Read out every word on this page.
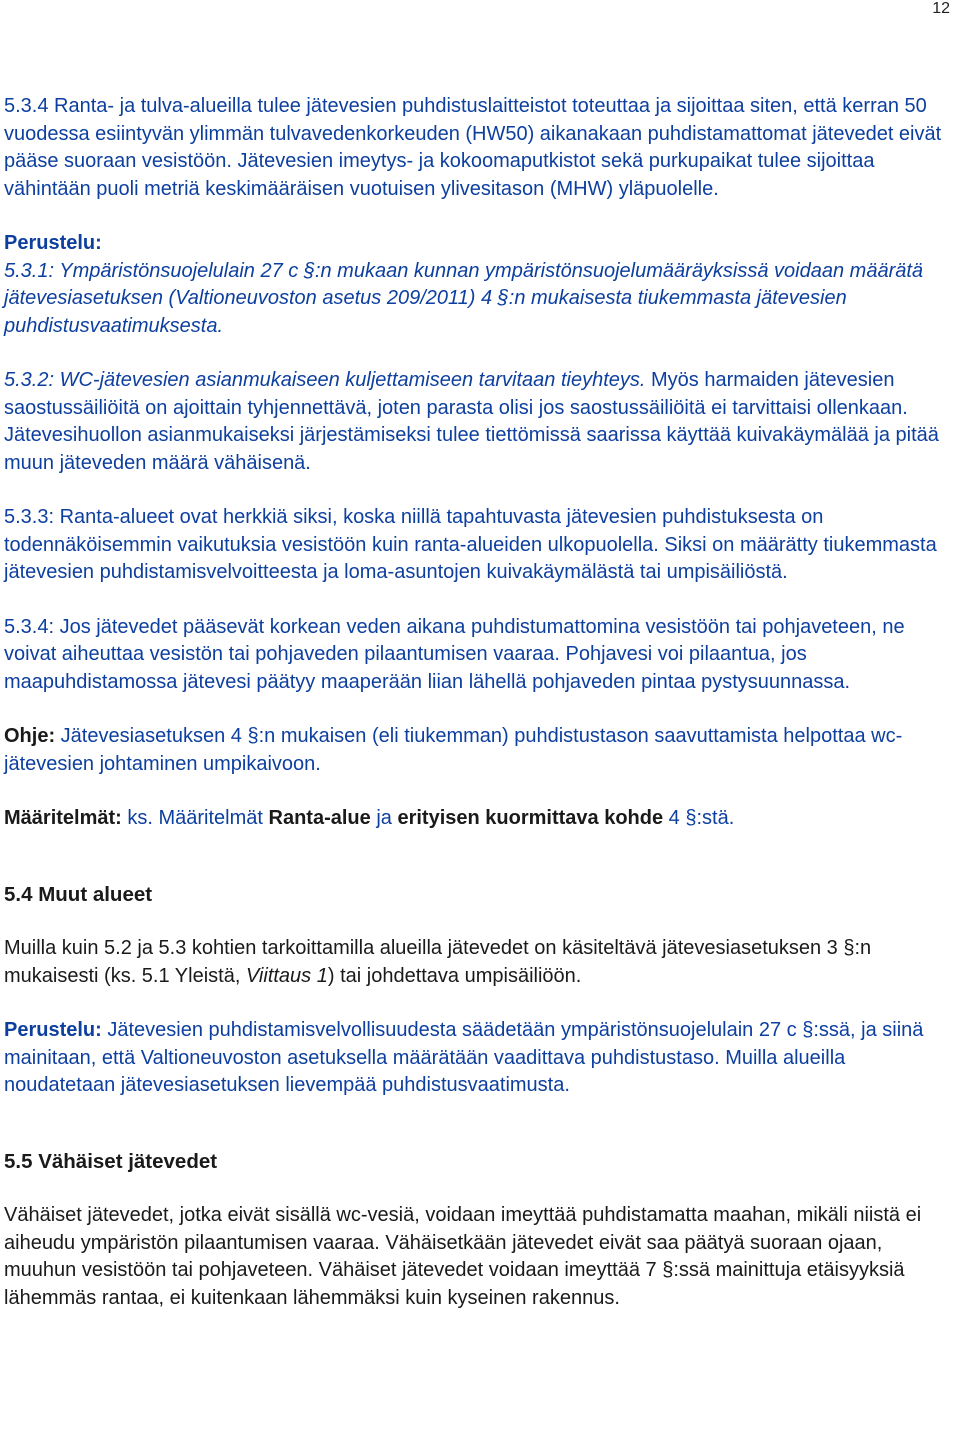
12

5.3.4 Ranta- ja tulva-alueilla tulee jätevesien puhdistuslaitteistot toteuttaa ja sijoittaa siten, että kerran 50 vuodessa esiintyvän ylimmän tulvavedenkorkeuden (HW50) aikanakaan puhdistamattomat jätevedet eivät pääse suoraan vesistöön. Jätevesien imeytys- ja kokoomaputkistot sekä purkupaikat tulee sijoittaa vähintään puoli metriä keskimääräisen vuotuisen ylivesitason (MHW) yläpuolelle.

Perustelu:

5.3.1: Ympäristönsuojelulain 27 c §:n mukaan kunnan ympäristönsuojelumääräyksissä voidaan määrätä jätevesiasetuksen (Valtioneuvoston asetus 209/2011) 4 §:n mukaisesta tiukemmasta jätevesien puhdistusvaatimuksesta.

5.3.2: WC-jätevesien asianmukaiseen kuljettamiseen tarvitaan tieyhteys. Myös harmaiden jätevesien saostussäiliöitä on ajoittain tyhjennettävä, joten parasta olisi jos saostussäiliöitä ei tarvittaisi ollenkaan. Jätevesihuollon asianmukaiseksi järjestämiseksi tulee tiettömissä saarissa käyttää kuivakäymälää ja pitää muun jäteveden määrä vähäisenä.

5.3.3: Ranta-alueet ovat herkkiä siksi, koska niillä tapahtuvasta jätevesien puhdistuksesta on todennäköisemmin vaikutuksia vesistöön kuin ranta-alueiden ulkopuolella. Siksi on määrätty tiukemmasta jätevesien puhdistamisvelvoitteesta ja loma-asuntojen kuivakäymälästä tai umpisäiliöstä.

5.3.4: Jos jätevedet pääsevät korkean veden aikana puhdistumattomina vesistöön tai pohjaveteen, ne voivat aiheuttaa vesistön tai pohjaveden pilaantumisen vaaraa. Pohjavesi voi pilaantua, jos maapuhdistamossa jätevesi päätyy maaperään liian lähellä pohjaveden pintaa pystysuunnassa.

Ohje: Jätevesiasetuksen 4 §:n mukaisen (eli tiukemman) puhdistustason saavuttamista helpottaa wc-jätevesien johtaminen umpikaivoon.

Määritelmät: ks. Määritelmät Ranta-alue ja erityisen kuormittava kohde 4 §:stä.

5.4 Muut alueet

Muilla kuin 5.2 ja 5.3 kohtien tarkoittamilla alueilla jätevedet on käsiteltävä jätevesiasetuksen 3 §:n mukaisesti (ks. 5.1 Yleistä, Viittaus 1) tai johdettava umpisäiliöön.

Perustelu: Jätevesien puhdistamisvelvollisuudesta säädetään ympäristönsuojelulain 27 c §:ssä, ja siinä mainitaan, että Valtioneuvoston asetuksella määrätään vaadittava puhdistustaso. Muilla alueilla noudatetaan jätevesiasetuksen lievempää puhdistusvaatimusta.

5.5 Vähäiset jätevedet

Vähäiset jätevedet, jotka eivät sisällä wc-vesiä, voidaan imeyttää puhdistamatta maahan, mikäli niistä ei aiheudu ympäristön pilaantumisen vaaraa. Vähäisetkään jätevedet eivät saa päätyä suoraan ojaan, muuhun vesistöön tai pohjaveteen. Vähäiset jätevedet voidaan imeyttää 7 §:ssä mainittuja etäisyyksiä lähemmäs rantaa, ei kuitenkaan lähemmäksi kuin kyseinen rakennus.
